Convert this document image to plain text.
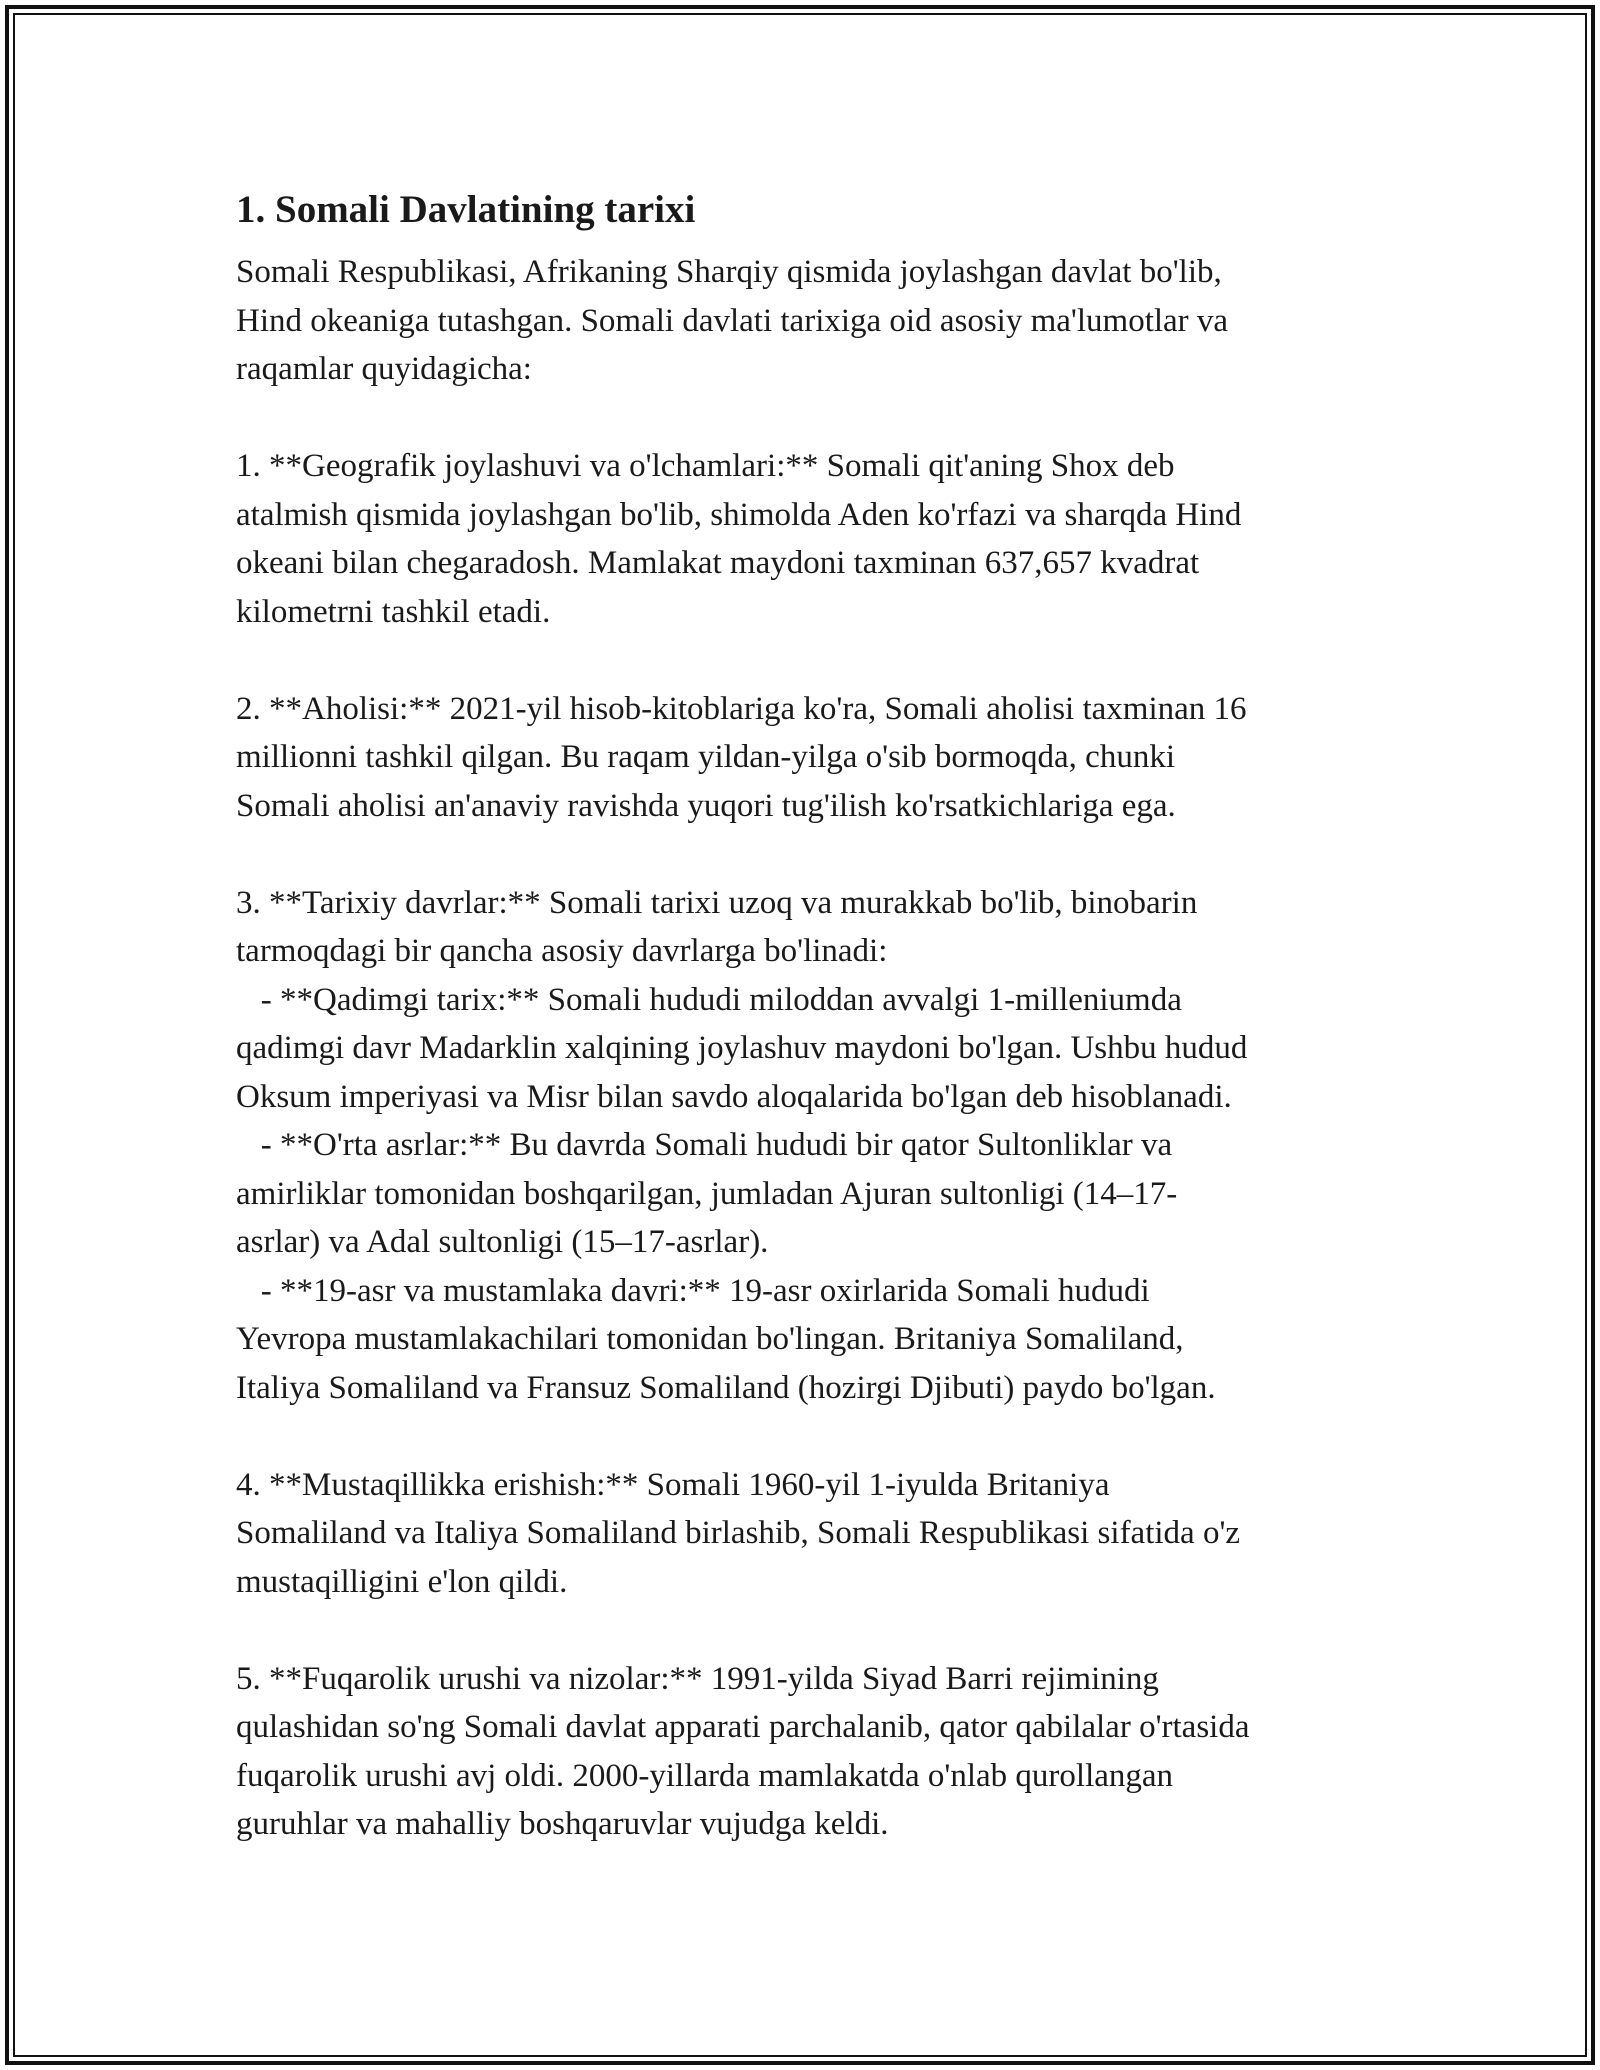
1. Somali Davlatining tarixi

Somali Respublikasi, Afrikaning Sharqiy qismida joylashgan davlat bo'lib,
Hind okeaniga tutashgan. Somali davlati tarixiga oid asosiy ma'lumotlar va
raqamlar quyidagicha:

1. **Geografik joylashuvi va o'lchamlari:** Somali qit'aning Shox deb
atalmish qismida joylashgan bo'lib, shimolda Aden ko'rfazi va sharqda Hind
okeani bilan chegaradosh. Mamlakat maydoni taxminan 637,657 kvadrat
kilometrni tashkil etadi.

2. **Aholisi:** 2021-yil hisob-kitoblariga ko'ra, Somali aholisi taxminan 16
millionni tashkil qilgan. Bu raqam yildan-yilga o'sib bormoqda, chunki
Somali aholisi an'anaviy ravishda yuqori tug'ilish ko'rsatkichlariga ega.

3. **Tarixiy davrlar:** Somali tarixi uzoq va murakkab bo'lib, binobarin
tarmoqdagi bir qancha asosiy davrlarga bo'linadi:
- **Qadimgi tarix:** Somali hududi miloddan avvalgi 1-milleniumda
qadimgi davr Madarklin xalqining joylashuv maydoni bo'lgan. Ushbu hudud
Oksum imperiyasi va Misr bilan savdo aloqalarida bo'lgan deb hisoblanadi.
- **O'rta asrlar:** Bu davrda Somali hududi bir qator Sultonliklar va
amirliklar tomonidan boshqarilgan, jumladan Ajuran sultonligi (14–17-
asrlar) va Adal sultonligi (15–17-asrlar).
- **19-asr va mustamlaka davri:** 19-asr oxirlarida Somali hududi
Yevropa mustamlakachilari tomonidan bo'lingan. Britaniya Somaliland,
Italiya Somaliland va Fransuz Somaliland (hozirgi Djibuti) paydo bo'lgan.

4. **Mustaqillikka erishish:** Somali 1960-yil 1-iyulda Britaniya
Somaliland va Italiya Somaliland birlashib, Somali Respublikasi sifatida o'z
mustaqilligini e'lon qildi.

5. **Fuqarolik urushi va nizolar:** 1991-yilda Siyad Barri rejimining
qulashidan so'ng Somali davlat apparati parchalanib, qator qabilalar o'rtasida
fuqarolik urushi avj oldi. 2000-yillarda mamlakatda o'nlab qurollangan
guruhlar va mahalliy boshqaruvlar vujudga keldi.
